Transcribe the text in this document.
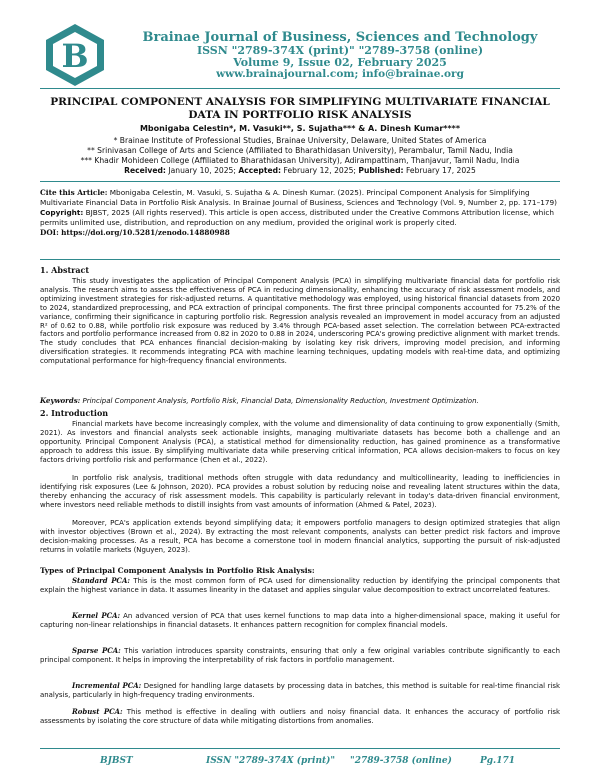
B	Brainae Journal of Business, Sciences and Technology
ISSN "2789-374X (print)" "2789-3758 (online)
Volume 9, Issue 02, February 2025
www.brainajournal.com; info@brainae.org
PRINCIPAL COMPONENT ANALYSIS FOR SIMPLIFYING MULTIVARIATE FINANCIAL DATA IN PORTFOLIO RISK ANALYSIS
Mbonigaba Celestin*, M. Vasuki**, S. Sujatha*** & A. Dinesh Kumar****
* Brainae Institute of Professional Studies, Brainae University, Delaware, United States of America
** Srinivasan College of Arts and Science (Affiliated to Bharathidasan University), Perambalur, Tamil Nadu, India
*** Khadir Mohideen College (Affiliated to Bharathidasan University), Adirampattinam, Thanjavur, Tamil Nadu, India
Received: January 10, 2025; Accepted: February 12, 2025; Published: February 17, 2025
Cite this Article: Mbonigaba Celestin, M. Vasuki, S. Sujatha & A. Dinesh Kumar. (2025). Principal Component Analysis for Simplifying Multivariate Financial Data in Portfolio Risk Analysis. In Brainae Journal of Business, Sciences and Technology (Vol. 9, Number 2, pp. 171–179)
Copyright: BJBST, 2025 (All rights reserved). This article is open access, distributed under the Creative Commons Attribution license, which permits unlimited use, distribution, and reproduction on any medium, provided the original work is properly cited.
DOI: https://doi.org/10.5281/zenodo.14880988
1. Abstract
This study investigates the application of Principal Component Analysis (PCA) in simplifying multivariate financial data for portfolio risk analysis. The research aims to assess the effectiveness of PCA in reducing dimensionality, enhancing the accuracy of risk assessment models, and optimizing investment strategies for risk-adjusted returns. A quantitative methodology was employed, using historical financial datasets from 2020 to 2024, standardized preprocessing, and PCA extraction of principal components. The first three principal components accounted for 75.2% of the variance, confirming their significance in capturing portfolio risk. Regression analysis revealed an improvement in model accuracy from an adjusted R² of 0.62 to 0.88, while portfolio risk exposure was reduced by 3.4% through PCA-based asset selection. The correlation between PCA-extracted factors and portfolio performance increased from 0.82 in 2020 to 0.88 in 2024, underscoring PCA's growing predictive alignment with market trends. The study concludes that PCA enhances financial decision-making by isolating key risk drivers, improving model precision, and informing diversification strategies. It recommends integrating PCA with machine learning techniques, updating models with real-time data, and optimizing computational performance for high-frequency financial environments.
Keywords: Principal Component Analysis, Portfolio Risk, Financial Data, Dimensionality Reduction, Investment Optimization.
2. Introduction
Financial markets have become increasingly complex, with the volume and dimensionality of data continuing to grow exponentially (Smith, 2021). As investors and financial analysts seek actionable insights, managing multivariate datasets has become both a challenge and an opportunity. Principal Component Analysis (PCA), a statistical method for dimensionality reduction, has gained prominence as a transformative approach to address this issue. By simplifying multivariate data while preserving critical information, PCA allows decision-makers to focus on key factors driving portfolio risk and performance (Chen et al., 2022).
In portfolio risk analysis, traditional methods often struggle with data redundancy and multicollinearity, leading to inefficiencies in identifying risk exposures (Lee & Johnson, 2020). PCA provides a robust solution by reducing noise and revealing latent structures within the data, thereby enhancing the accuracy of risk assessment models. This capability is particularly relevant in today's data-driven financial environment, where investors need reliable methods to distill insights from vast amounts of information (Ahmed & Patel, 2023).
Moreover, PCA's application extends beyond simplifying data; it empowers portfolio managers to design optimized strategies that align with investor objectives (Brown et al., 2024). By extracting the most relevant components, analysts can better predict risk factors and improve decision-making processes. As a result, PCA has become a cornerstone tool in modern financial analytics, supporting the pursuit of risk-adjusted returns in volatile markets (Nguyen, 2023).
Types of Principal Component Analysis in Portfolio Risk Analysis:
Standard PCA: This is the most common form of PCA used for dimensionality reduction by identifying the principal components that explain the highest variance in data. It assumes linearity in the dataset and applies singular value decomposition to extract uncorrelated features.
Kernel PCA: An advanced version of PCA that uses kernel functions to map data into a higher-dimensional space, making it useful for capturing non-linear relationships in financial datasets. It enhances pattern recognition for complex financial models.
Sparse PCA: This variation introduces sparsity constraints, ensuring that only a few original variables contribute significantly to each principal component. It helps in improving the interpretability of risk factors in portfolio management.
Incremental PCA: Designed for handling large datasets by processing data in batches, this method is suitable for real-time financial risk analysis, particularly in high-frequency trading environments.
Robust PCA: This method is effective in dealing with outliers and noisy financial data. It enhances the accuracy of portfolio risk assessments by isolating the core structure of data while mitigating distortions from anomalies.
BJBST	ISSN "2789-374X (print)" "2789-3758 (online)	Pg.171
